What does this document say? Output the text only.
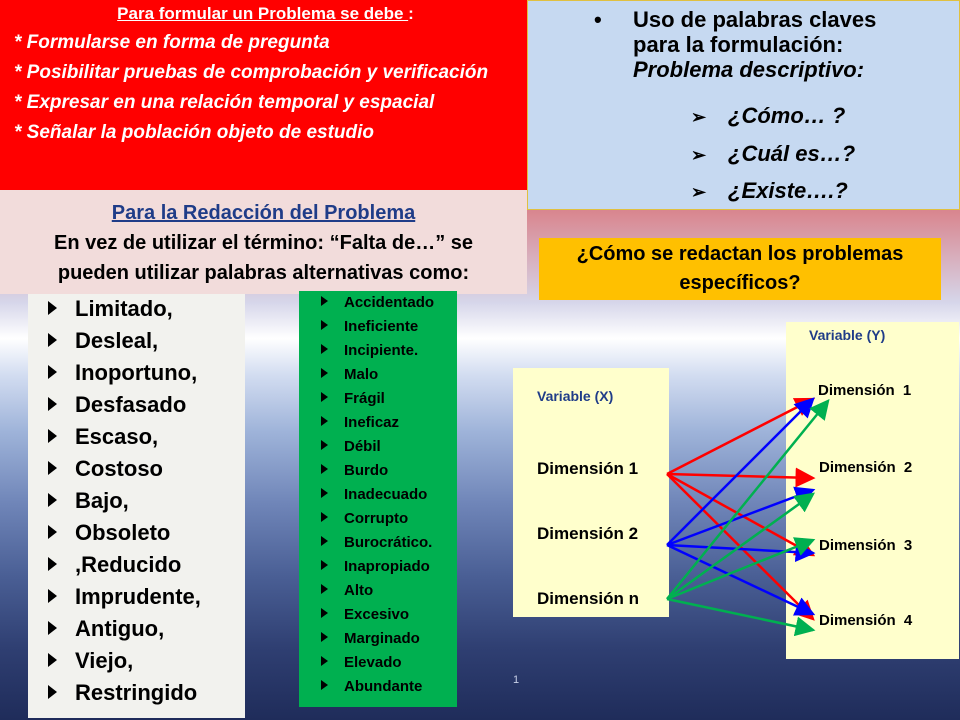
Para formular un Problema se debe :
* Formularse en forma de pregunta
* Posibilitar pruebas de comprobación y verificación
* Expresar en una relación temporal y espacial
* Señalar la población objeto de estudio
Para la Redacción del Problema
En vez de utilizar el término: “Falta de…” se
pueden utilizar palabras alternativas como:
• Uso de palabras claves
para la formulación:
Problema descriptivo:
➢ ¿Cómo… ?
➢ ¿Cuál es…?
➢ ¿Existe….?
¿Cómo se redactan los problemas
específicos?
Limitado,
Desleal,
Inoportuno,
Desfasado
Escaso,
Costoso
Bajo,
Obsoleto
,Reducido
Imprudente,
Antiguo,
Viejo,
Restringido
Accidentado
Ineficiente
Incipiente.
Malo
Frágil
Ineficaz
Débil
Burdo
Inadecuado
Corrupto
Burocrático.
Inapropiado
Alto
Excesivo
Marginado
Elevado
Abundante
Variable (X)
Dimensión 1
Dimensión 2
Dimensión n
Variable (Y)
Dimensión 1
Dimensión 2
Dimensión 3
Dimensión 4
1
